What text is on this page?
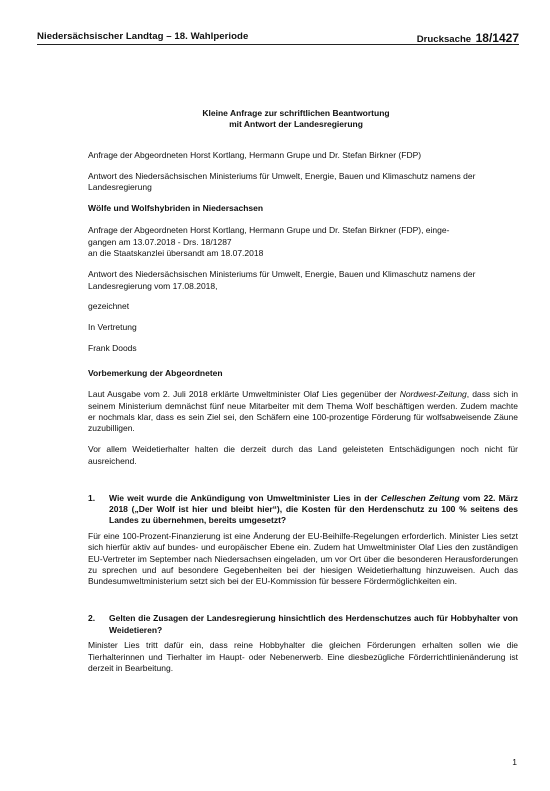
Niedersächsischer Landtag – 18. Wahlperiode	Drucksache 18/1427
Kleine Anfrage zur schriftlichen Beantwortung
mit Antwort der Landesregierung

Anfrage der Abgeordneten Horst Kortlang, Hermann Grupe und Dr. Stefan Birkner (FDP)

Antwort des Niedersächsischen Ministeriums für Umwelt, Energie, Bauen und Klimaschutz namens der Landesregierung

Wölfe und Wolfshybriden in Niedersachsen

Anfrage der Abgeordneten Horst Kortlang, Hermann Grupe und Dr. Stefan Birkner (FDP), einge-
gangen am 13.07.2018 - Drs. 18/1287
an die Staatskanzlei übersandt am 18.07.2018

Antwort des Niedersächsischen Ministeriums für Umwelt, Energie, Bauen und Klimaschutz namens der Landesregierung vom 17.08.2018,

gezeichnet

In Vertretung

Frank Doods

Vorbemerkung der Abgeordneten

Laut Ausgabe vom 2. Juli 2018 erklärte Umweltminister Olaf Lies gegenüber der Nordwest-Zeitung, dass sich in seinem Ministerium demnächst fünf neue Mitarbeiter mit dem Thema Wolf beschäftigen werden. Zudem machte er nochmals klar, dass es sein Ziel sei, den Schäfern eine 100-prozentige Förderung für wolfsabweisende Zäune zuzubilligen.

Vor allem Weidetierhalter halten die derzeit durch das Land geleisteten Entschädigungen noch nicht für ausreichend.

1. Wie weit wurde die Ankündigung von Umweltminister Lies in der Celleschen Zeitung vom 22. März 2018 („Der Wolf ist hier und bleibt hier“), die Kosten für den Herdenschutz zu 100 % seitens des Landes zu übernehmen, bereits umgesetzt?

Für eine 100-Prozent-Finanzierung ist eine Änderung der EU-Beihilfe-Regelungen erforderlich. Minister Lies setzt sich hierfür aktiv auf bundes- und europäischer Ebene ein. Zudem hat Umweltminister Olaf Lies den zuständigen EU-Vertreter im September nach Niedersachsen eingeladen, um vor Ort über die besonderen Herausforderungen zu sprechen und auf besondere Gegebenheiten bei der hiesigen Weidetierhaltung hinzuweisen. Auch das Bundesumweltministerium setzt sich bei der EU-Kommission für bessere Fördermöglichkeiten ein.

2. Gelten die Zusagen der Landesregierung hinsichtlich des Herdenschutzes auch für Hobbyhalter von Weidetieren?

Minister Lies tritt dafür ein, dass reine Hobbyhalter die gleichen Förderungen erhalten sollen wie die Tierhalterinnen und Tierhalter im Haupt- oder Nebenerwerb. Eine diesbezügliche Förderrichtlinienänderung ist derzeit in Bearbeitung.

1
